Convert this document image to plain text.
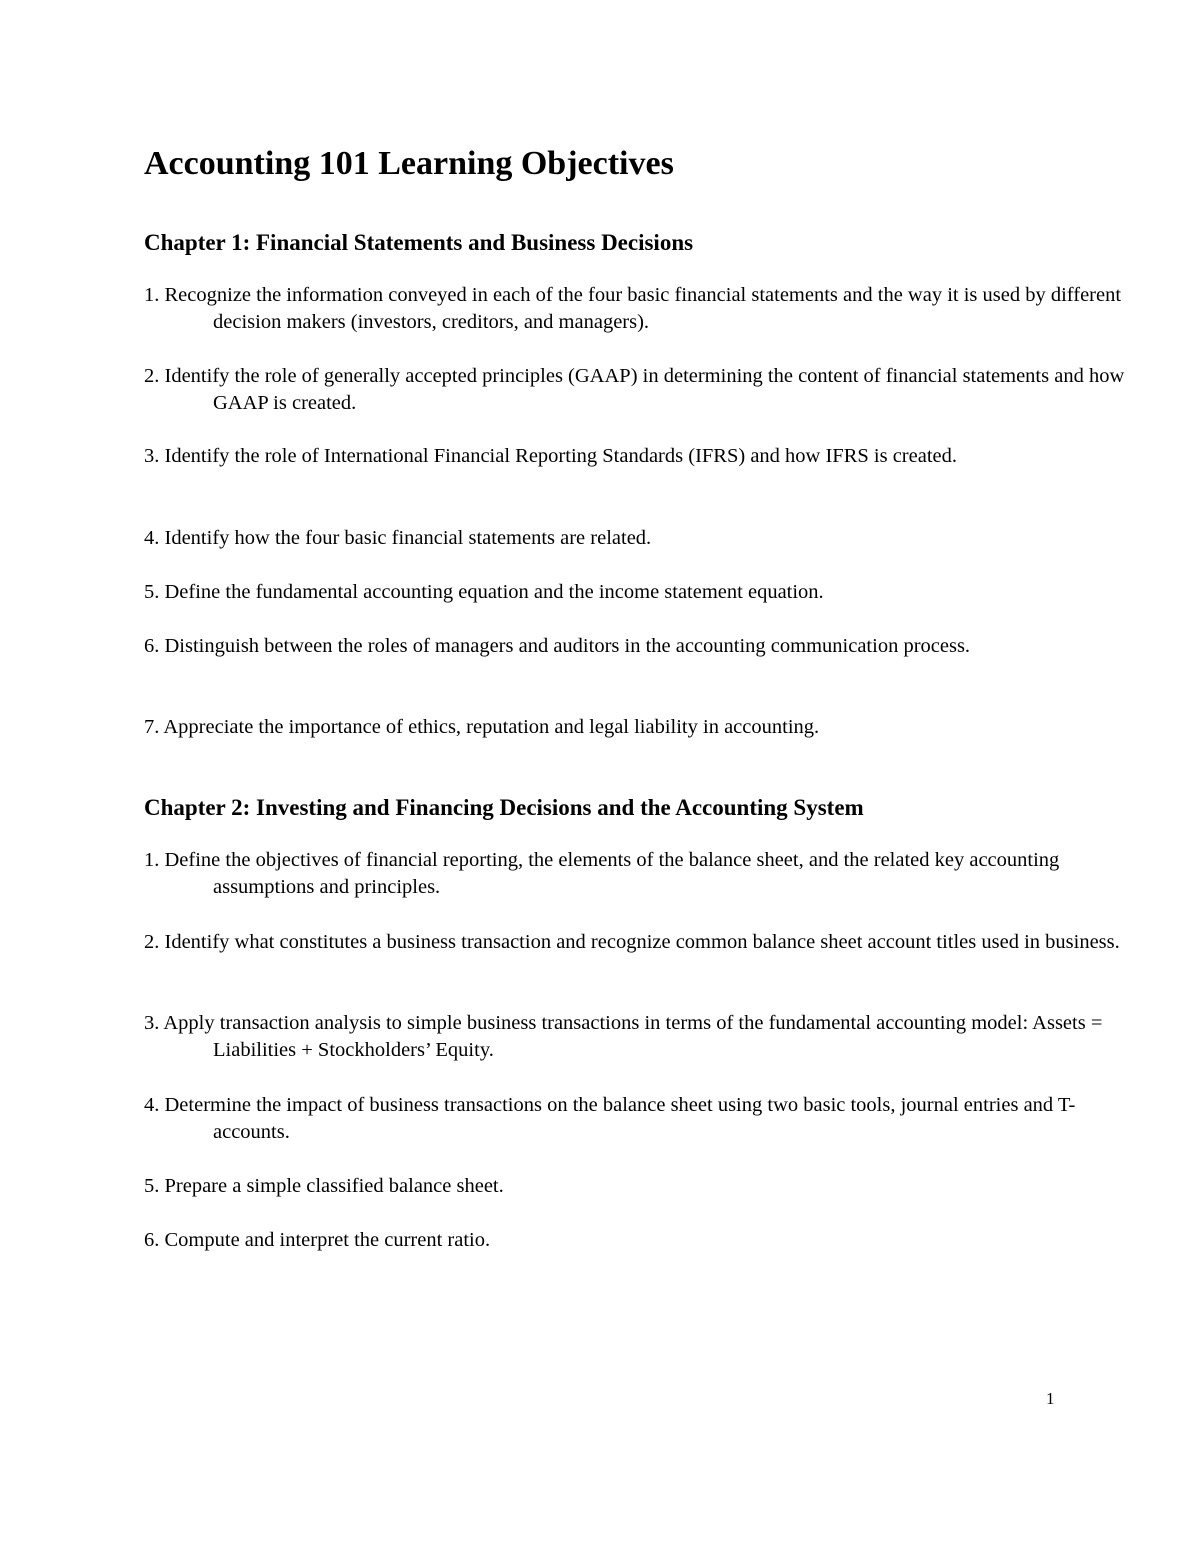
Accounting 101 Learning Objectives
Chapter 1: Financial Statements and Business Decisions
1. Recognize the information conveyed in each of the four basic financial statements and the way it is used by different decision makers (investors, creditors, and managers).
2. Identify the role of generally accepted principles (GAAP) in determining the content of financial statements and how GAAP is created.
3. Identify the role of International Financial Reporting Standards (IFRS) and how IFRS is created.
4. Identify how the four basic financial statements are related.
5. Define the fundamental accounting equation and the income statement equation.
6. Distinguish between the roles of managers and auditors in the accounting communication process.
7. Appreciate the importance of ethics, reputation and legal liability in accounting.
Chapter 2: Investing and Financing Decisions and the Accounting System
1. Define the objectives of financial reporting, the elements of the balance sheet, and the related key accounting assumptions and principles.
2. Identify what constitutes a business transaction and recognize common balance sheet account titles used in business.
3. Apply transaction analysis to simple business transactions in terms of the fundamental accounting model: Assets = Liabilities + Stockholders’ Equity.
4. Determine the impact of business transactions on the balance sheet using two basic tools, journal entries and T-accounts.
5. Prepare a simple classified balance sheet.
6. Compute and interpret the current ratio.
1
